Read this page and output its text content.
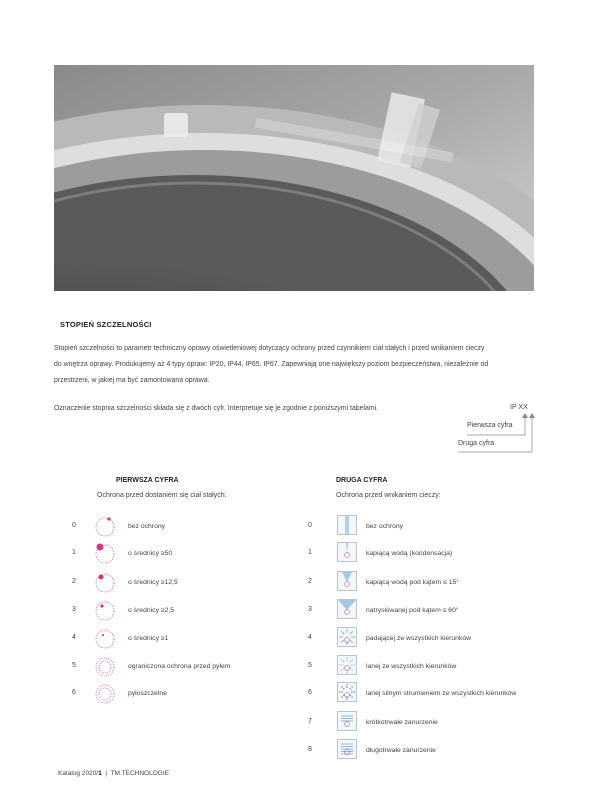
STOPIEŃ SZCZELNOŚCI
Stopień szczelności to parametr techniczny oprawy oświetleniowej dotyczący ochrony przed czynnikiem ciał stałych i przed wnikaniem cieczy
do wnętrza oprawy. Produkujemy aż 4 typy opraw: IP20, IP44, IP65, IP67. Zapewniają one największy poziom bezpieczeństwa, niezależnie od
przestrzeni, w jakiej ma być zamontowana oprawa.
Oznaczenie stopnia szczelności składa się z dwóch cyfr. Interpretuje się je zgodnie z poniższymi tabelami.	IP XX
Pierwsza cyfra
Druga cyfra
PIERWSZA CYFRA
Ochrona przed dostaniem się ciał stałych:
0	bez ochrony
1	o średnicy ≥50
2	o średnicy ≥12,5
3	o średnicy ≥2,5
4	o średnicy ≥1
5	ograniczona ochrona przed pyłem
6	pyłoszczelne
DRUGA CYFRA
Ochrona przed wnikaniem cieczy:
0	bez ochrony
1	kapiącą wodą (kondensacja)
2	kapiącą wodą pod kątem ≤ 15°
3	natryskiwanej pod kątem ≤ 60°
4	padającej ze wszystkich kierunków
5	lanej ze wszystkich kierunków
6	lanej silnym strumieniem ze wszystkich kierunków
7	krótkotrwałe zanurzenie
8	długotrwałe zanurzenie
Katalog 2020/1 | TM TECHNOLOGIE
